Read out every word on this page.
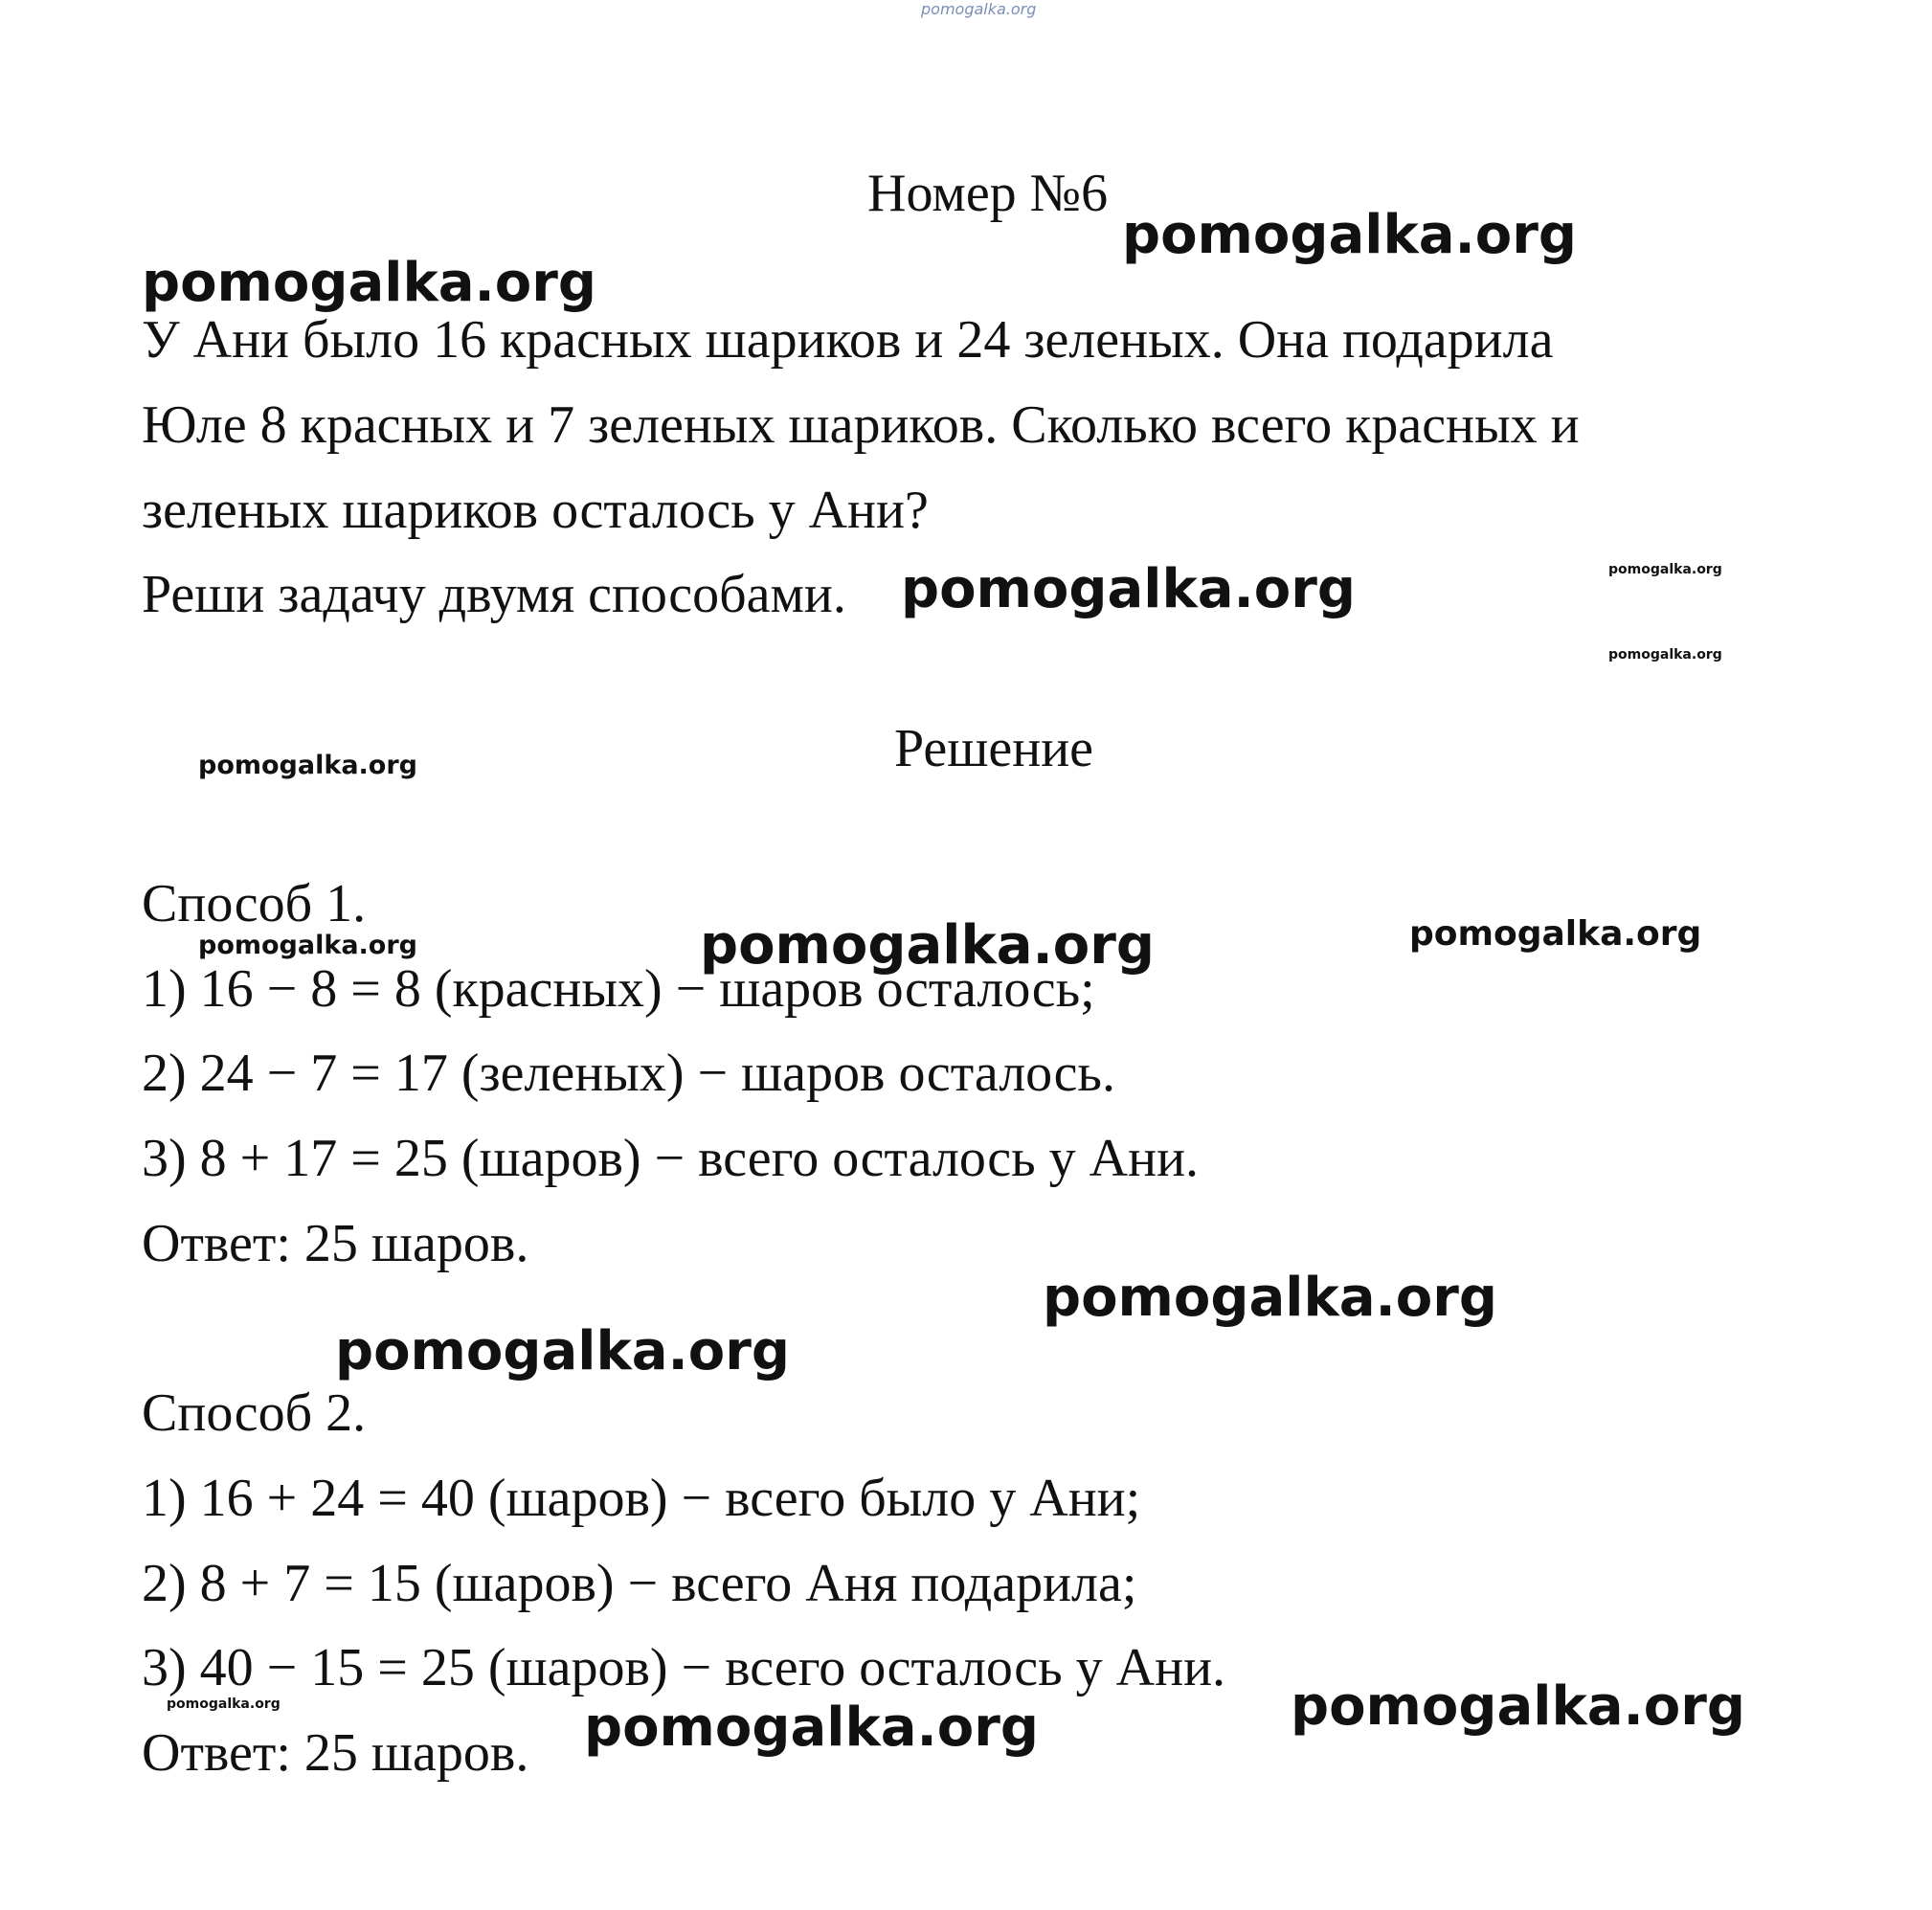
pomogalka.org
Номер №6
pomogalka.org
pomogalka.org
У Ани было 16 красных шариков и 24 зеленых. Она подарила
Юле 8 красных и 7 зеленых шариков. Сколько всего красных и
зеленых шариков осталось у Ани?
Реши задачу двумя способами. pomogalka.org	pomogalka.org
pomogalka.org
Решение
pomogalka.org
Способ 1.
pomogalka.org	pomogalka.org	pomogalka.org
1) 16 − 8 = 8 (красных) − шаров осталось;
2) 24 − 7 = 17 (зеленых) − шаров осталось.
3) 8 + 17 = 25 (шаров) − всего осталось у Ани.
Ответ: 25 шаров.
pomogalka.org
pomogalka.org
Способ 2.
1) 16 + 24 = 40 (шаров) − всего было у Ани;
2) 8 + 7 = 15 (шаров) − всего Аня подарила;
3) 40 − 15 = 25 (шаров) − всего осталось у Ани.
pomogalka.org	pomogalka.org
Ответ: 25 шаров. pomogalka.org
